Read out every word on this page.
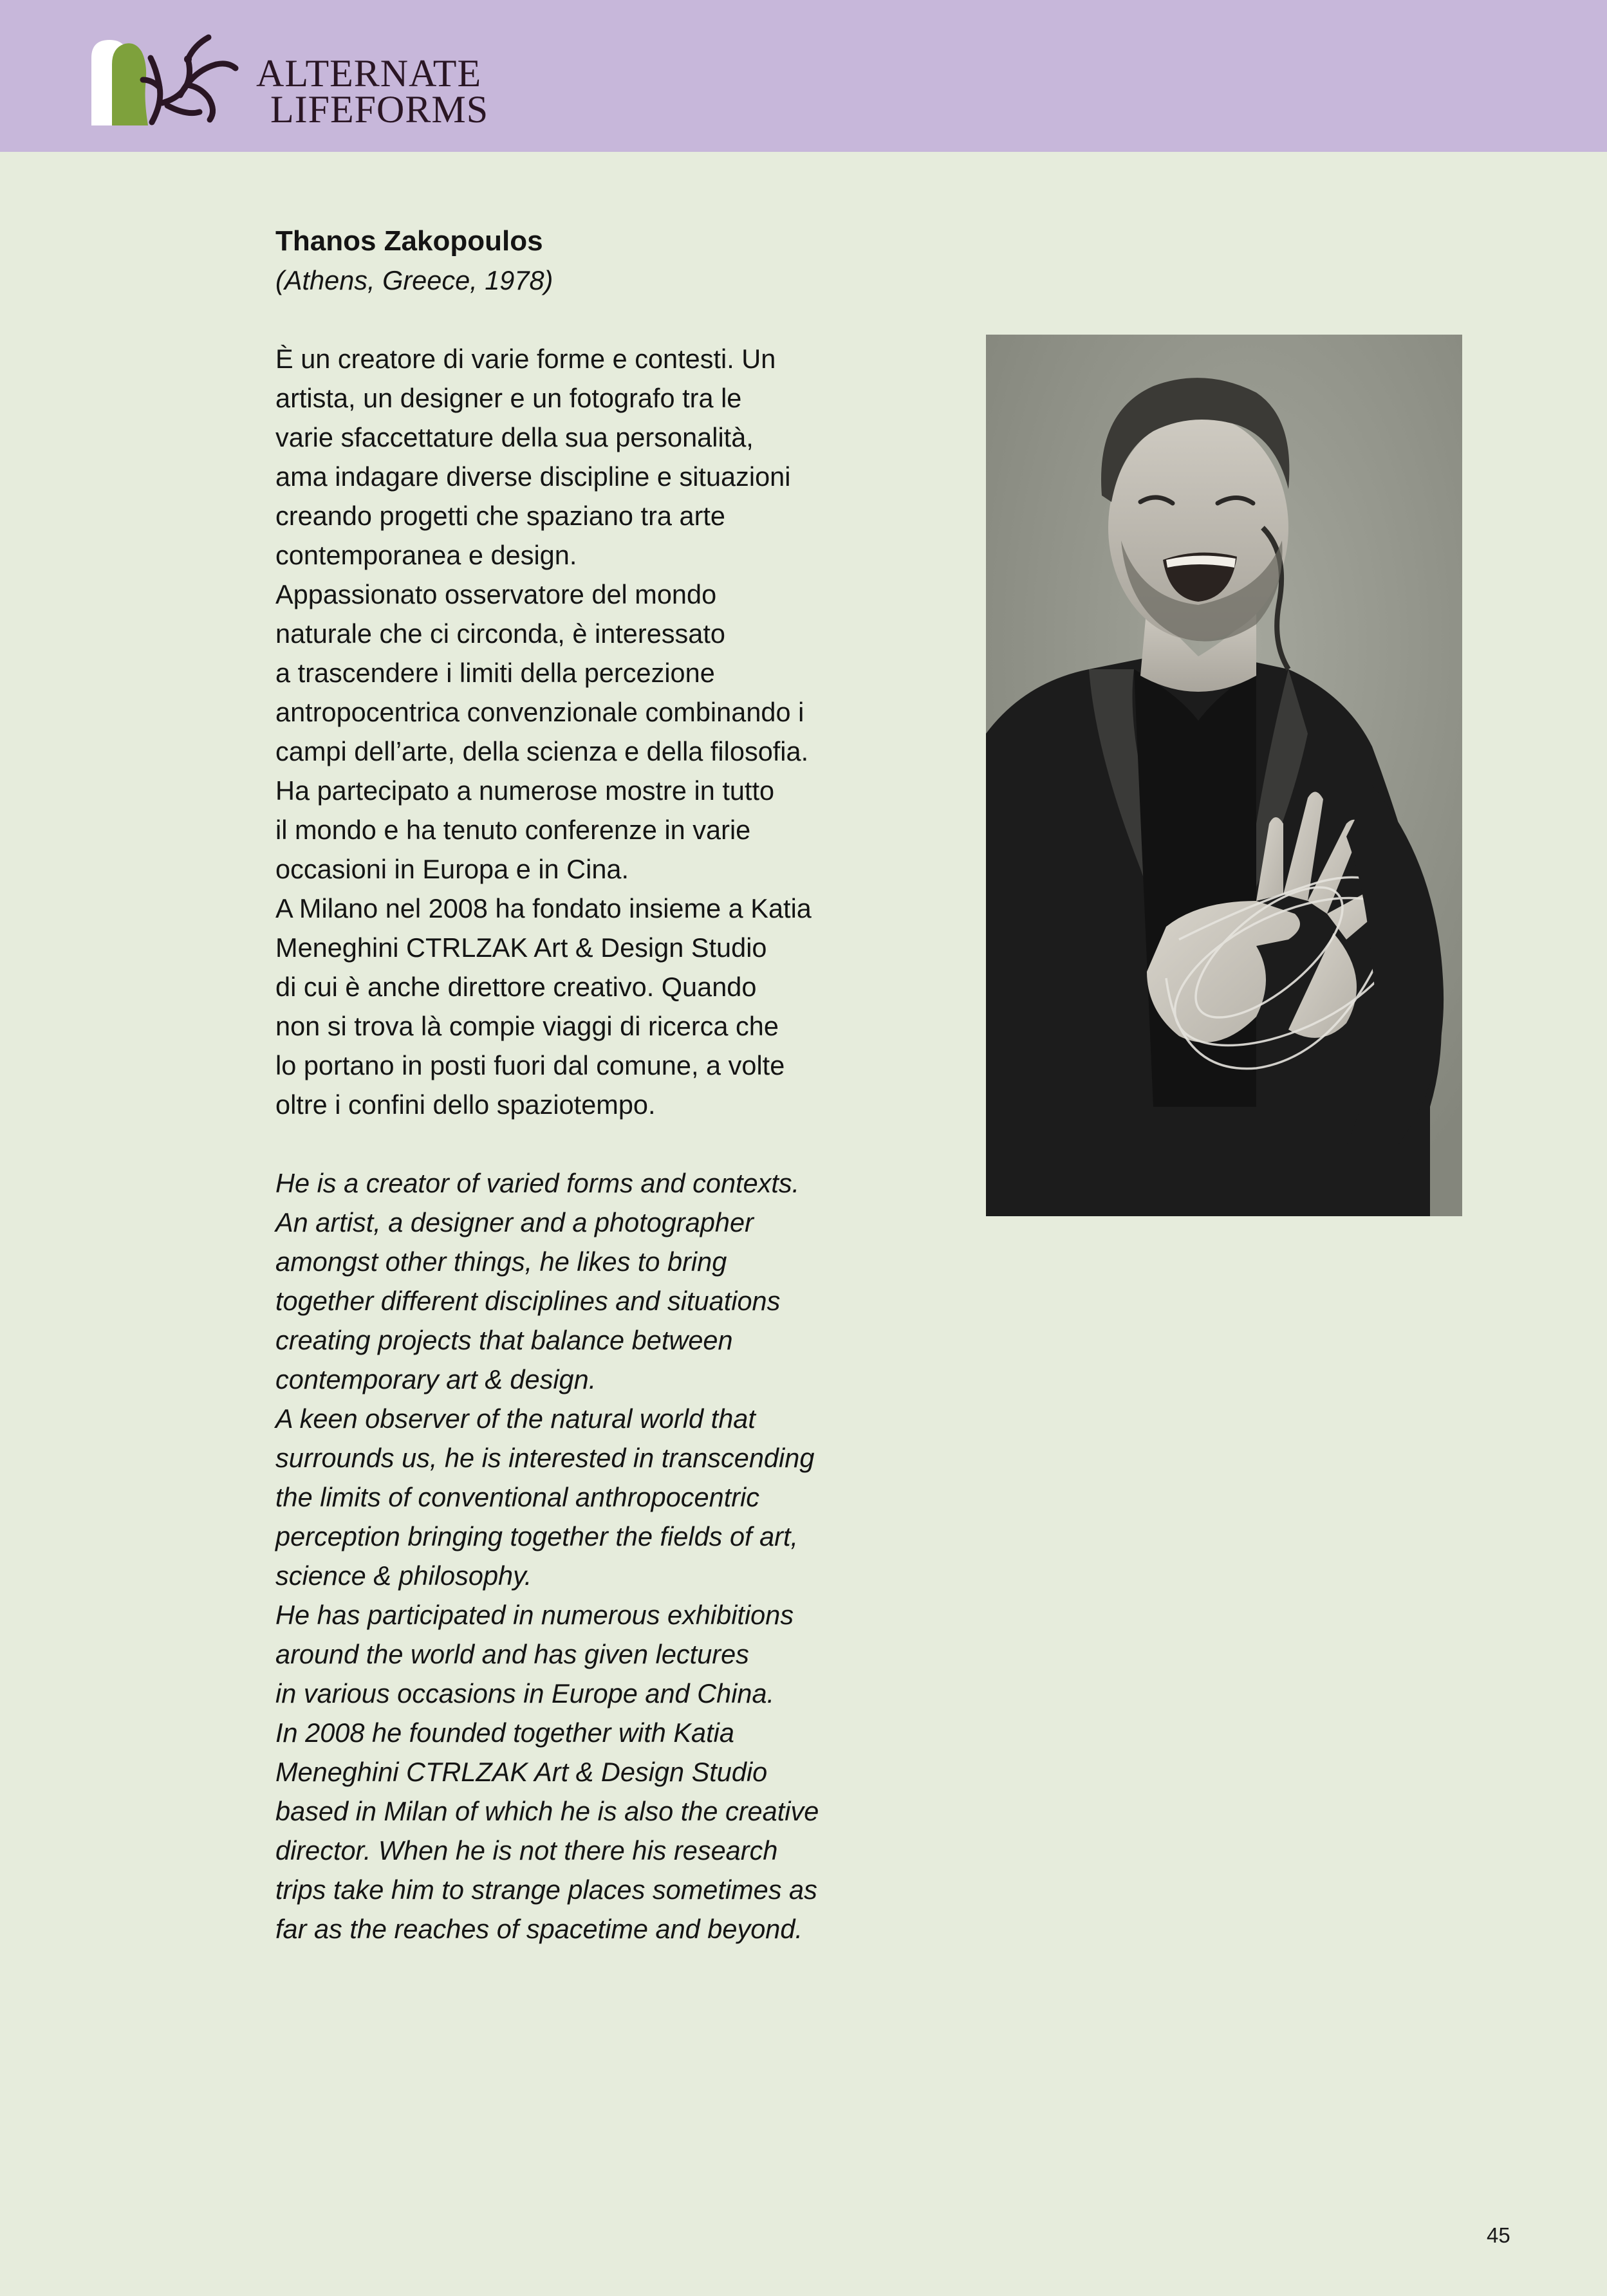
ALTERNATE
LIFEFORMS

Thanos Zakopoulos

(Athens, Greece, 1978)

È un creatore di varie forme e contesti. Un
artista, un designer e un fotografo tra le
varie sfaccettature della sua personalità,
ama indagare diverse discipline e situazioni
creando progetti che spaziano tra arte
contemporanea e design.
Appassionato osservatore del mondo
naturale che ci circonda, è interessato
a trascendere i limiti della percezione
antropocentrica convenzionale combinando i
campi dell’arte, della scienza e della filosofia.
Ha partecipato a numerose mostre in tutto
il mondo e ha tenuto conferenze in varie
occasioni in Europa e in Cina.
A Milano nel 2008 ha fondato insieme a Katia
Meneghini CTRLZAK Art & Design Studio
di cui è anche direttore creativo. Quando
non si trova là compie viaggi di ricerca che
lo portano in posti fuori dal comune, a volte
oltre i confini dello spaziotempo.
He is a creator of varied forms and contexts.
An artist, a designer and a photographer
amongst other things, he likes to bring
together different disciplines and situations
creating projects that balance between
contemporary art & design.
A keen observer of the natural world that
surrounds us, he is interested in transcending
the limits of conventional anthropocentric
perception bringing together the fields of art,
science & philosophy.
He has participated in numerous exhibitions
around the world and has given lectures
in various occasions in Europe and China.
In 2008 he founded together with Katia
Meneghini CTRLZAK Art & Design Studio
based in Milan of which he is also the creative
director. When he is not there his research
trips take him to strange places sometimes as
far as the reaches of spacetime and beyond.
45
